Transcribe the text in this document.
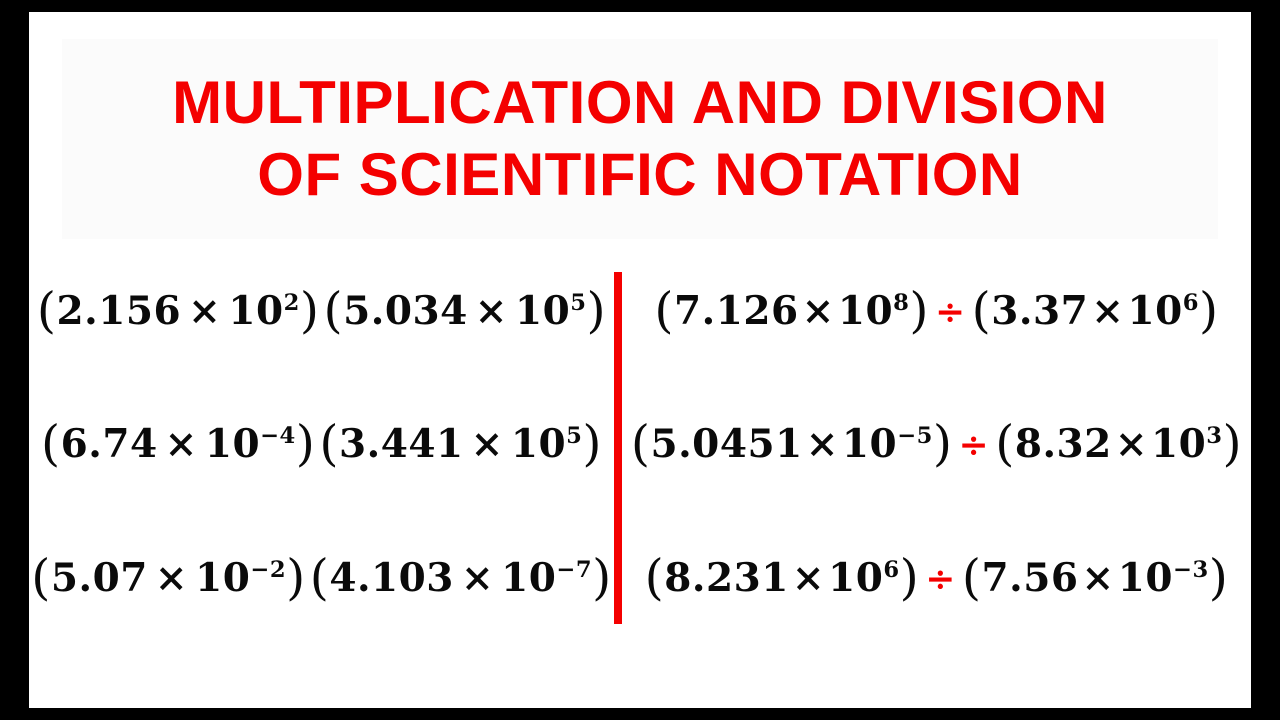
MULTIPLICATION AND DIVISION
OF SCIENTIFIC NOTATION
$(2.156 \times 10^2)(5.034 \times 10^5)$
$(6.74 \times 10^{-4})(3.441 \times 10^5)$
$(5.07 \times 10^{-2})(4.103 \times 10^{-7})$
$(7.126\times 10^8) \div (3.37\times 10^6)$
$(5.0451\times 10^{-5}) \div (8.32\times 10^3)$
$(8.231\times 10^6) \div (7.56\times 10^{-3})$
